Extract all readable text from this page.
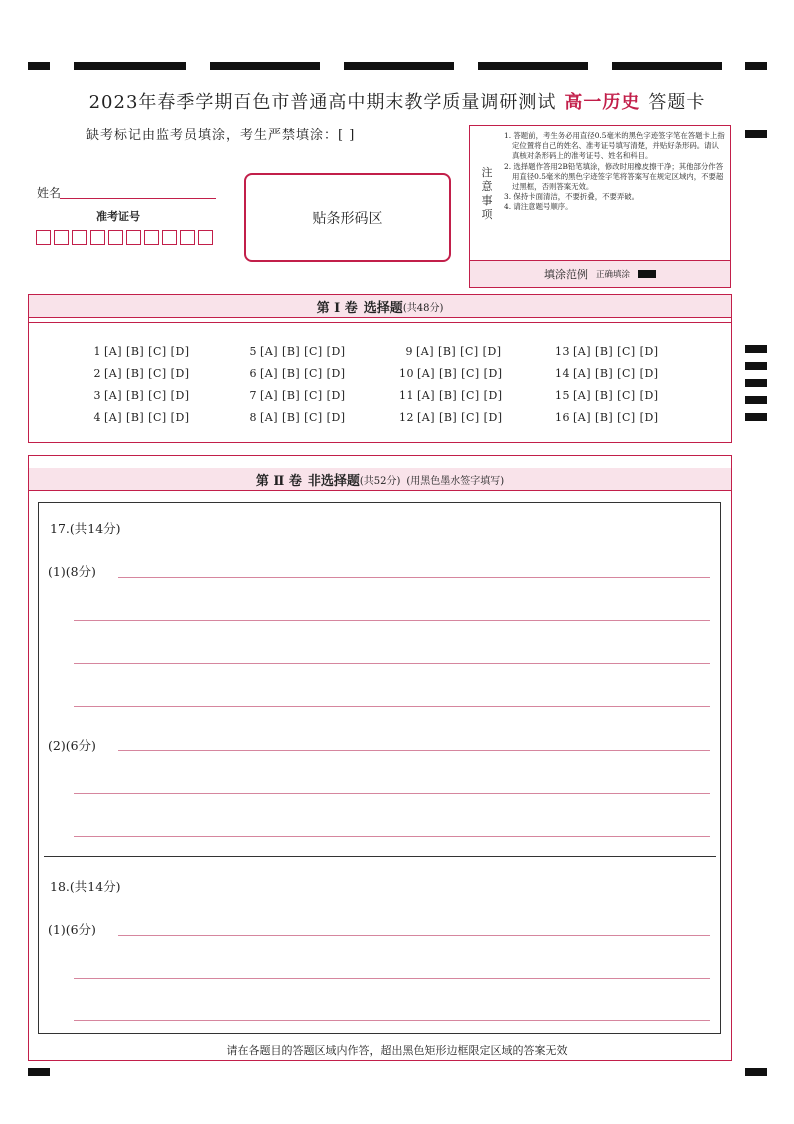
2023年春季学期百色市普通高中期末教学质量调研测试 高一历史 答题卡
缺考标记由监考员填涂，考生严禁填涂：[ ]
姓名
准考证号	贴条形码区
注意事项
1. 答题前，考生务必用直径0.5毫米的黑色字迹签字笔在答题卡上指定位置将自己的姓名、准考证号填写清楚，并贴好条形码。请认真核对条形码上的准考证号、姓名和科目。
2. 选择题作答用2B铅笔填涂，修改时用橡皮擦干净；其他部分作答用直径0.5毫米的黑色字迹签字笔将答案写在规定区域内，不要超过黑框，否则答案无效。
3. 保持卡面清洁，不要折叠，不要弄破。
4. 请注意题号顺序。
填涂范例 正确填涂
第 Ⅰ 卷 选择题 (共48分)
1 [A] [B] [C] [D]
2 [A] [B] [C] [D]
3 [A] [B] [C] [D]
4 [A] [B] [C] [D]
5 [A] [B] [C] [D]
6 [A] [B] [C] [D]
7 [A] [B] [C] [D]
8 [A] [B] [C] [D]
9 [A] [B] [C] [D]
10 [A] [B] [C] [D]
11 [A] [B] [C] [D]
12 [A] [B] [C] [D]
13 [A] [B] [C] [D]
14 [A] [B] [C] [D]
15 [A] [B] [C] [D]
16 [A] [B] [C] [D]
第 Ⅱ 卷 非选择题 (共52分) (用黑色墨水签字填写)
17.(共14分)
(1)(8分)
(2)(6分)
18.(共14分)
(1)(6分)
请在各题目的答题区域内作答，超出黑色矩形边框限定区域的答案无效
